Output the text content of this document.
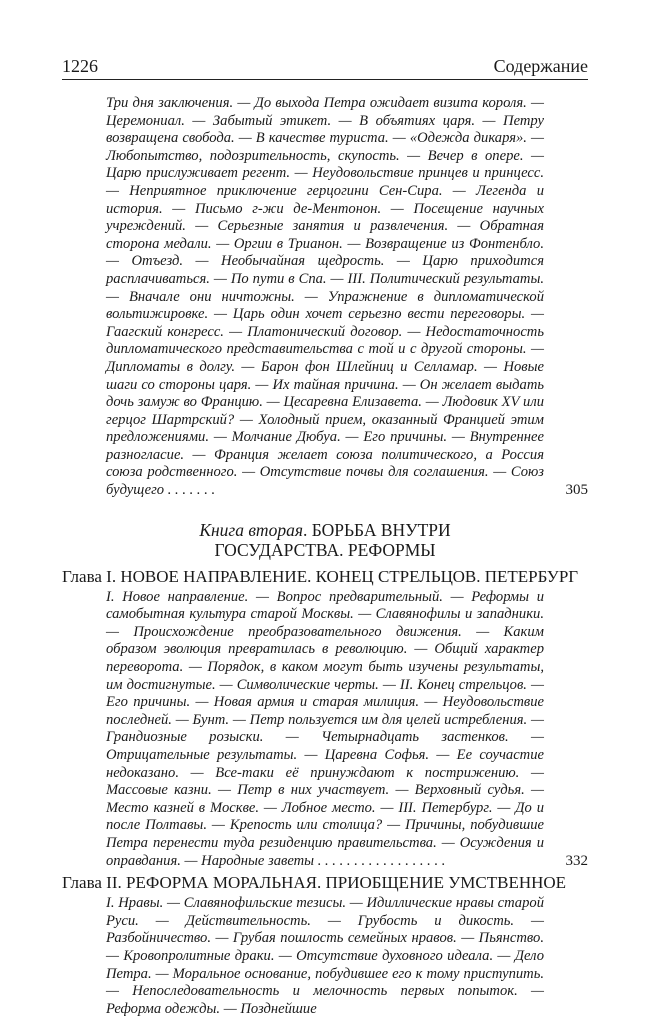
1226	Содержание

Три дня заключения. — До выхода Петра ожидает визита короля. — Церемониал. — Забытый этикет. — В объятиях царя. — Петру возвращена свобода. — В качестве туриста. — «Одежда дикаря». — Любопытство, подозрительность, скупость. — Вечер в опере. — Царю прислуживает регент. — Неудовольствие принцев и принцесс. — Неприятное приключение герцогини Сен-Сира. — Легенда и история. — Письмо г-жи де-Ментонон. — Посещение научных учреждений. — Серьезные занятия и развлечения. — Обратная сторона медали. — Оргии в Трианон. — Возвращение из Фонтенбло. — Отъезд. — Необычайная щедрость. — Царю приходится расплачиваться. — По пути в Спа. — III. Политический результаты. — Вначале они ничтожны. — Упражнение в дипломатической вольтижировке. — Царь один хочет серьезно вести переговоры. — Гаагский конгресс. — Платонический договор. — Недостаточность дипломатического представительства с той и с другой стороны. — Дипломаты в долгу. — Барон фон Шлейниц и Селламар. — Новые шаги со стороны царя. — Их тайная причина. — Он желает выдать дочь замуж во Францию. — Цесаревна Елизавета. — Людовик XV или герцог Шартрский? — Холодный прием, оказанный Францией этим предложениями. — Молчание Дюбуа. — Его причины. — Внутреннее разногласие. — Франция желает союза политического, а Россия союза родственного. — Отсутствие почвы для соглашения. — Союз будущего . . . . . . .	305
Книга вторая. БОРЬБА ВНУТРИ
ГОСУДАРСТВА. РЕФОРМЫ
Глава I. НОВОЕ НАПРАВЛЕНИЕ. КОНЕЦ СТРЕЛЬЦОВ. ПЕТЕРБУРГ

I. Новое направление. — Вопрос предварительный. — Реформы и самобытная культура старой Москвы. — Славянофилы и западники. — Происхождение преобразовательного движения. — Каким образом эволюция превратилась в революцию. — Общий характер переворота. — Порядок, в каком могут быть изучены результаты, им достигнутые. — Символические черты. — II. Конец стрельцов. — Его причины. — Новая армия и старая милиция. — Неудовольствие последней. — Бунт. — Петр пользуется им для целей истребления. — Грандиозные розыски. — Четырнадцать застенков. — Отрицательные результаты. — Царевна Софья. — Ее соучастие недоказано. — Все-таки её принуждают к пострижению. — Массовые казни. — Петр в них участвует. — Верховный судья. — Место казней в Москве. — Лобное место. — III. Петербург. — До и после Полтавы. — Крепость или столица? — Причины, побудившие Петра перенести туда резиденцию правительства. — Осуждения и оправдания. — Народные заветы . . . . . . . . . . . . . . . . . .	332
Глава II. РЕФОРМА МОРАЛЬНАЯ. ПРИОБЩЕНИЕ УМСТВЕННОЕ

I. Нравы. — Славянофильские тезисы. — Идиллические нравы старой Руси. — Действительность. — Грубость и дикость. — Разбойничество. — Грубая пошлость семейных нравов. — Пьянство. — Кровопролитные драки. — Отсутствие духовного идеала. — Дело Петра. — Моральное основание, побудившее его к тому приступить. — Непоследовательность и мелочность первых попыток. — Реформа одежды. — Позднейшие
